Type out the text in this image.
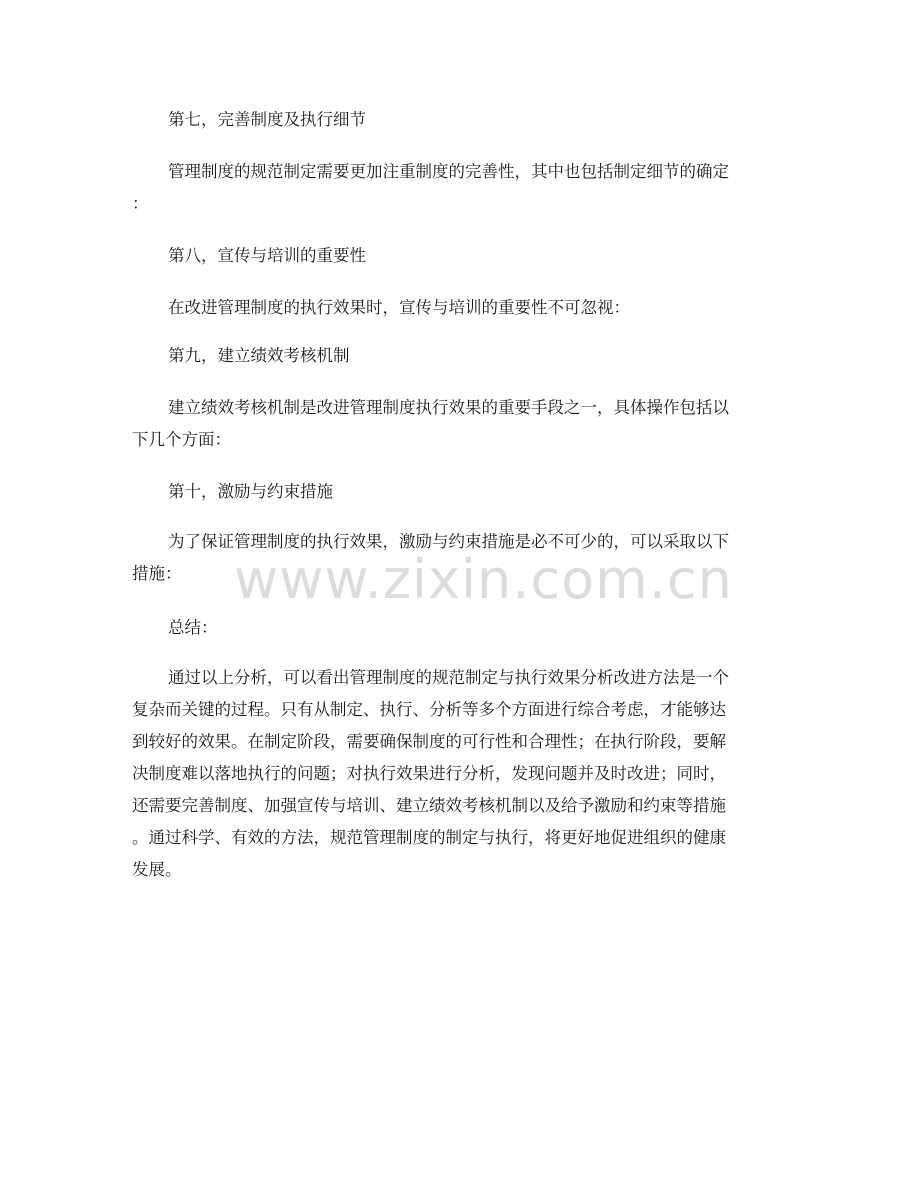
第七，完善制度及执行细节

管理制度的规范制定需要更加注重制度的完善性，其中也包括制定细节的确定
：

第八，宣传与培训的重要性

在改进管理制度的执行效果时，宣传与培训的重要性不可忽视：

第九，建立绩效考核机制

建立绩效考核机制是改进管理制度执行效果的重要手段之一，具体操作包括以
下几个方面：

第十，激励与约束措施

为了保证管理制度的执行效果，激励与约束措施是必不可少的，可以采取以下
措施：

总结：

通过以上分析，可以看出管理制度的规范制定与执行效果分析改进方法是一个
复杂而关键的过程。只有从制定、执行、分析等多个方面进行综合考虑，才能够达
到较好的效果。在制定阶段，需要确保制度的可行性和合理性；在执行阶段，要解
决制度难以落地执行的问题；对执行效果进行分析，发现问题并及时改进；同时，
还需要完善制度、加强宣传与培训、建立绩效考核机制以及给予激励和约束等措施
。通过科学、有效的方法，规范管理制度的制定与执行，将更好地促进组织的健康
发展。

www.zixin.com.cn
